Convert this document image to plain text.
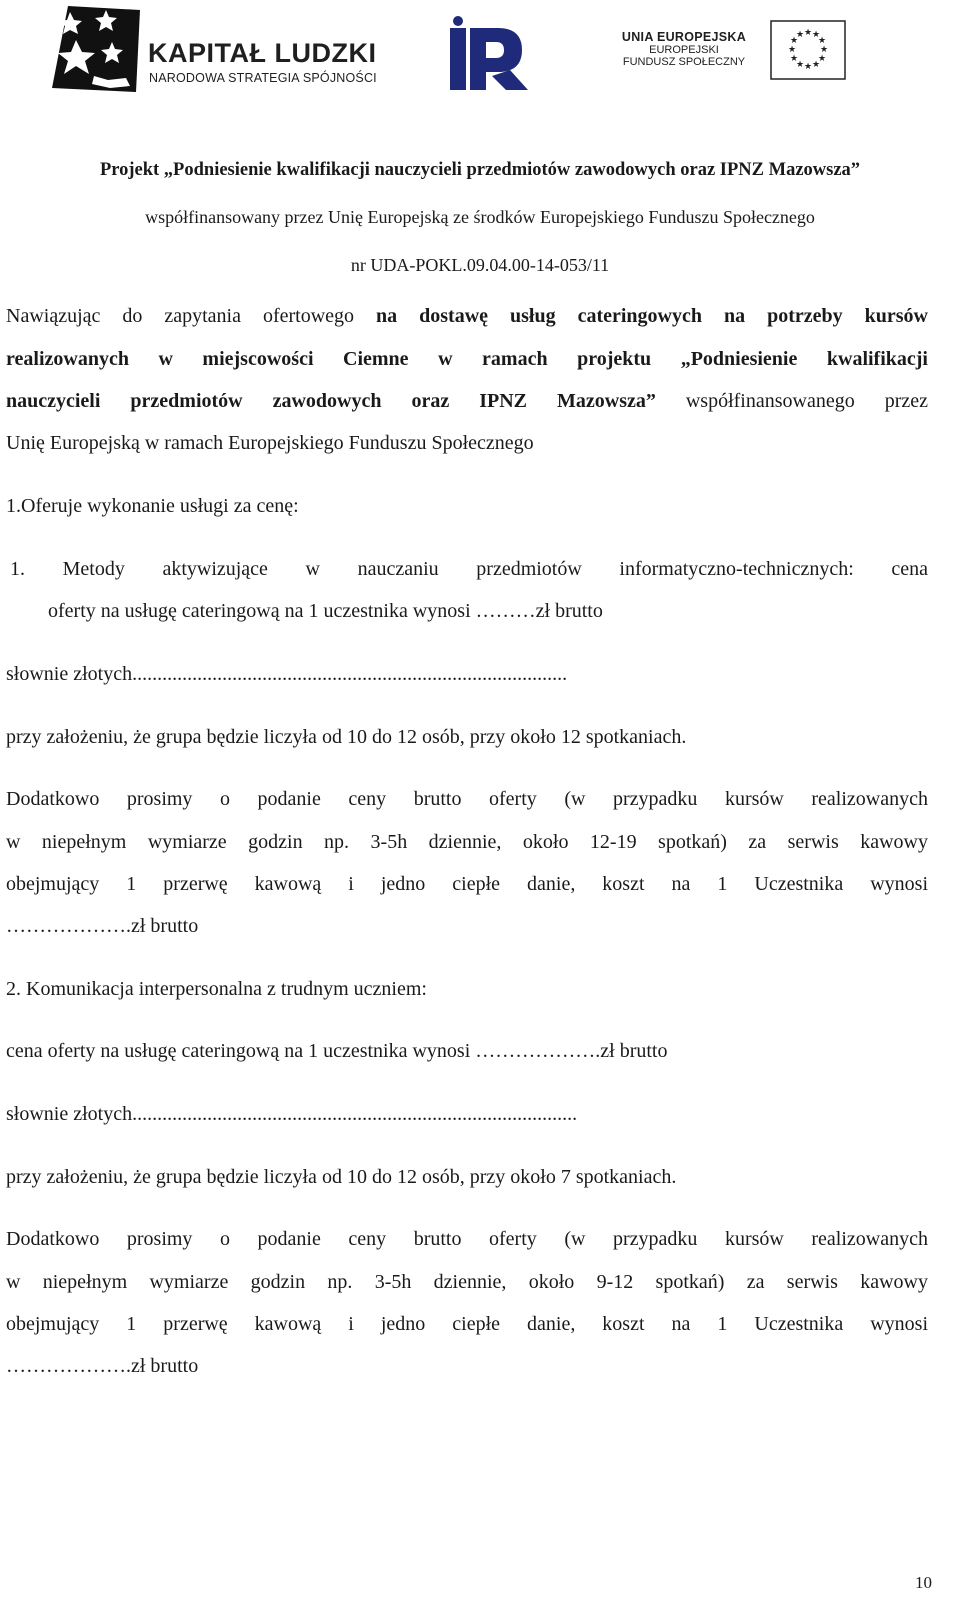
KAPITAŁ LUDZKI
NARODOWA STRATEGIA SPÓJNOŚCI
UNIA EUROPEJSKA
EUROPEJSKI
FUNDUSZ SPOŁECZNY
★ ★
★
★
★
★
★
★
★
★
★
★
Projekt „Podniesienie kwalifikacji nauczycieli przedmiotów zawodowych oraz IPNZ Mazowsza”
współfinansowany przez Unię Europejską ze środków Europejskiego Funduszu Społecznego
nr UDA-POKL.09.04.00-14-053/11
Nawiązując do zapytania ofertowego na dostawę usług cateringowych na potrzeby kursów
realizowanych w miejscowości Ciemne w ramach projektu „Podniesienie kwalifikacji
nauczycieli przedmiotów zawodowych oraz IPNZ Mazowsza” współfinansowanego przez
Unię Europejską w ramach Europejskiego Funduszu Społecznego
1.Oferuje wykonanie usługi za cenę:
1. Metody aktywizujące w nauczaniu przedmiotów informatyczno-technicznych: cena
oferty na usługę cateringową na 1 uczestnika wynosi ………zł brutto
słownie złotych.......................................................................................
przy założeniu, że grupa będzie liczyła od 10 do 12 osób, przy około 12 spotkaniach.
Dodatkowo prosimy o podanie ceny brutto oferty (w przypadku kursów realizowanych
w niepełnym wymiarze godzin np. 3-5h dziennie, około 12-19 spotkań) za serwis kawowy
obejmujący 1 przerwę kawową i jedno ciepłe danie, koszt na 1 Uczestnika wynosi
……………….zł brutto
2. Komunikacja interpersonalna z trudnym uczniem:
cena oferty na usługę cateringową na 1 uczestnika wynosi ……………….zł brutto
słownie złotych.........................................................................................
przy założeniu, że grupa będzie liczyła od 10 do 12 osób, przy około 7 spotkaniach.
Dodatkowo prosimy o podanie ceny brutto oferty (w przypadku kursów realizowanych
w niepełnym wymiarze godzin np. 3-5h dziennie, około 9-12 spotkań) za serwis kawowy
obejmujący 1 przerwę kawową i jedno ciepłe danie, koszt na 1 Uczestnika wynosi
……………….zł brutto
10
